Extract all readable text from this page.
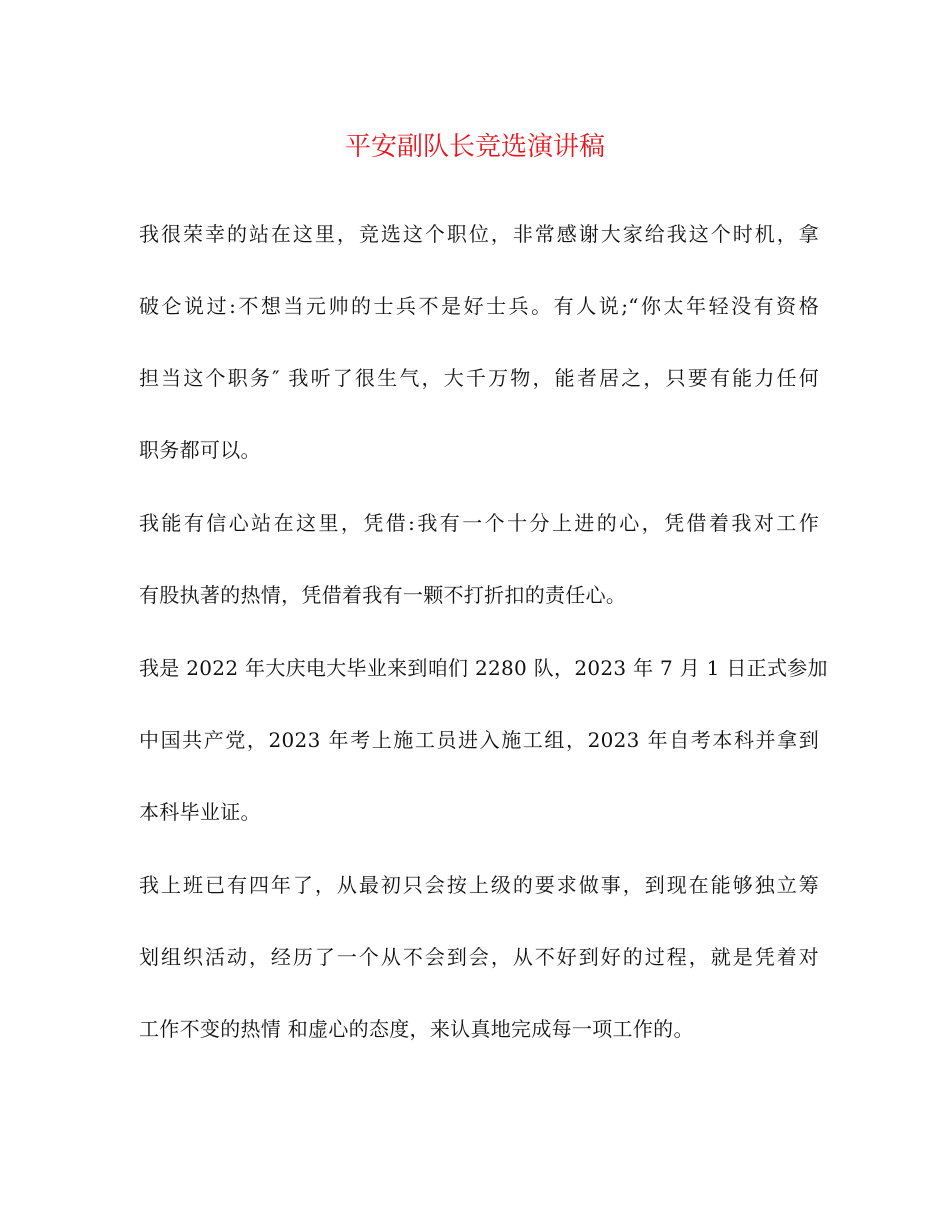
平安副队长竞选演讲稿

我很荣幸的站在这里，竞选这个职位，非常感谢大家给我这个时机，拿

破仑说过:不想当元帅的士兵不是好士兵。有人说;“你太年轻没有资格

担当这个职务″ 我听了很生气，大千万物，能者居之，只要有能力任何

职务都可以。

我能有信心站在这里，凭借:我有一个十分上进的心，凭借着我对工作

有股执著的热情，凭借着我有一颗不打折扣的责任心。

我是 2022 年大庆电大毕业来到咱们 2280 队，2023 年 7 月 1 日正式参加

中国共产党，2023 年考上施工员进入施工组，2023 年自考本科并拿到

本科毕业证。

我上班已有四年了，从最初只会按上级的要求做事，到现在能够独立筹

划组织活动，经历了一个从不会到会，从不好到好的过程，就是凭着对

工作不变的热情 和虚心的态度，来认真地完成每一项工作的。
